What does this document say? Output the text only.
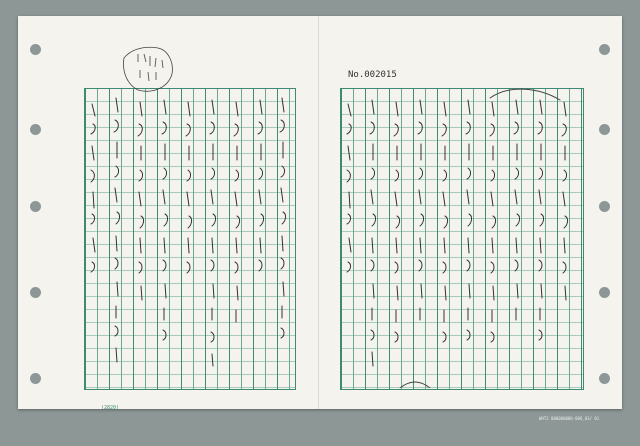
No.002015
(2820)
WHT2 000000000-006_03/ 01
